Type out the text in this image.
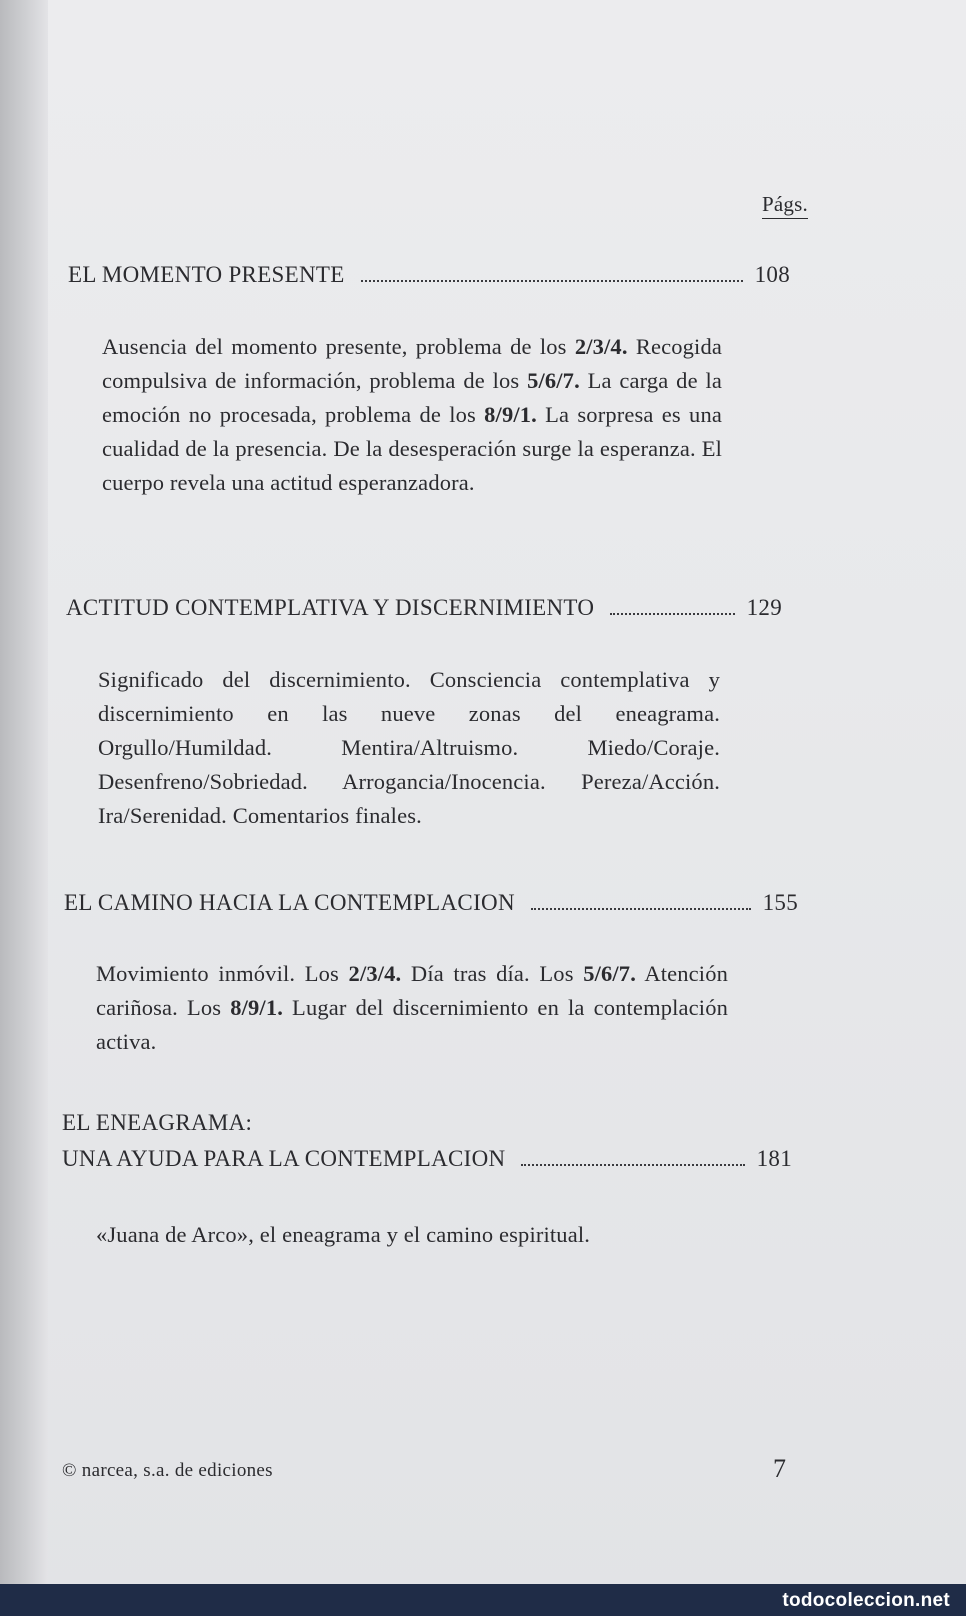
Págs.
EL MOMENTO PRESENTE	108
Ausencia del momento presente, problema de los 2/3/4. Recogida compulsiva de información, problema de los 5/6/7. La carga de la emoción no procesada, problema de los 8/9/1. La sorpresa es una cualidad de la presencia. De la desesperación surge la esperanza. El cuerpo revela una actitud esperanzadora.
ACTITUD CONTEMPLATIVA Y DISCERNIMIENTO	129
Significado del discernimiento. Consciencia contemplativa y discernimiento en las nueve zonas del eneagrama. Orgullo/Humildad. Mentira/Altruismo. Miedo/Coraje. Desenfreno/Sobriedad. Arrogancia/Inocencia. Pereza/Acción. Ira/Serenidad. Comentarios finales.
EL CAMINO HACIA LA CONTEMPLACION	155
Movimiento inmóvil. Los 2/3/4. Día tras día. Los 5/6/7. Atención cariñosa. Los 8/9/1. Lugar del discernimiento en la contemplación activa.
EL ENEAGRAMA:
UNA AYUDA PARA LA CONTEMPLACION	181
«Juana de Arco», el eneagrama y el camino espiritual.
© narcea, s.a. de ediciones	7
todocoleccion.net
